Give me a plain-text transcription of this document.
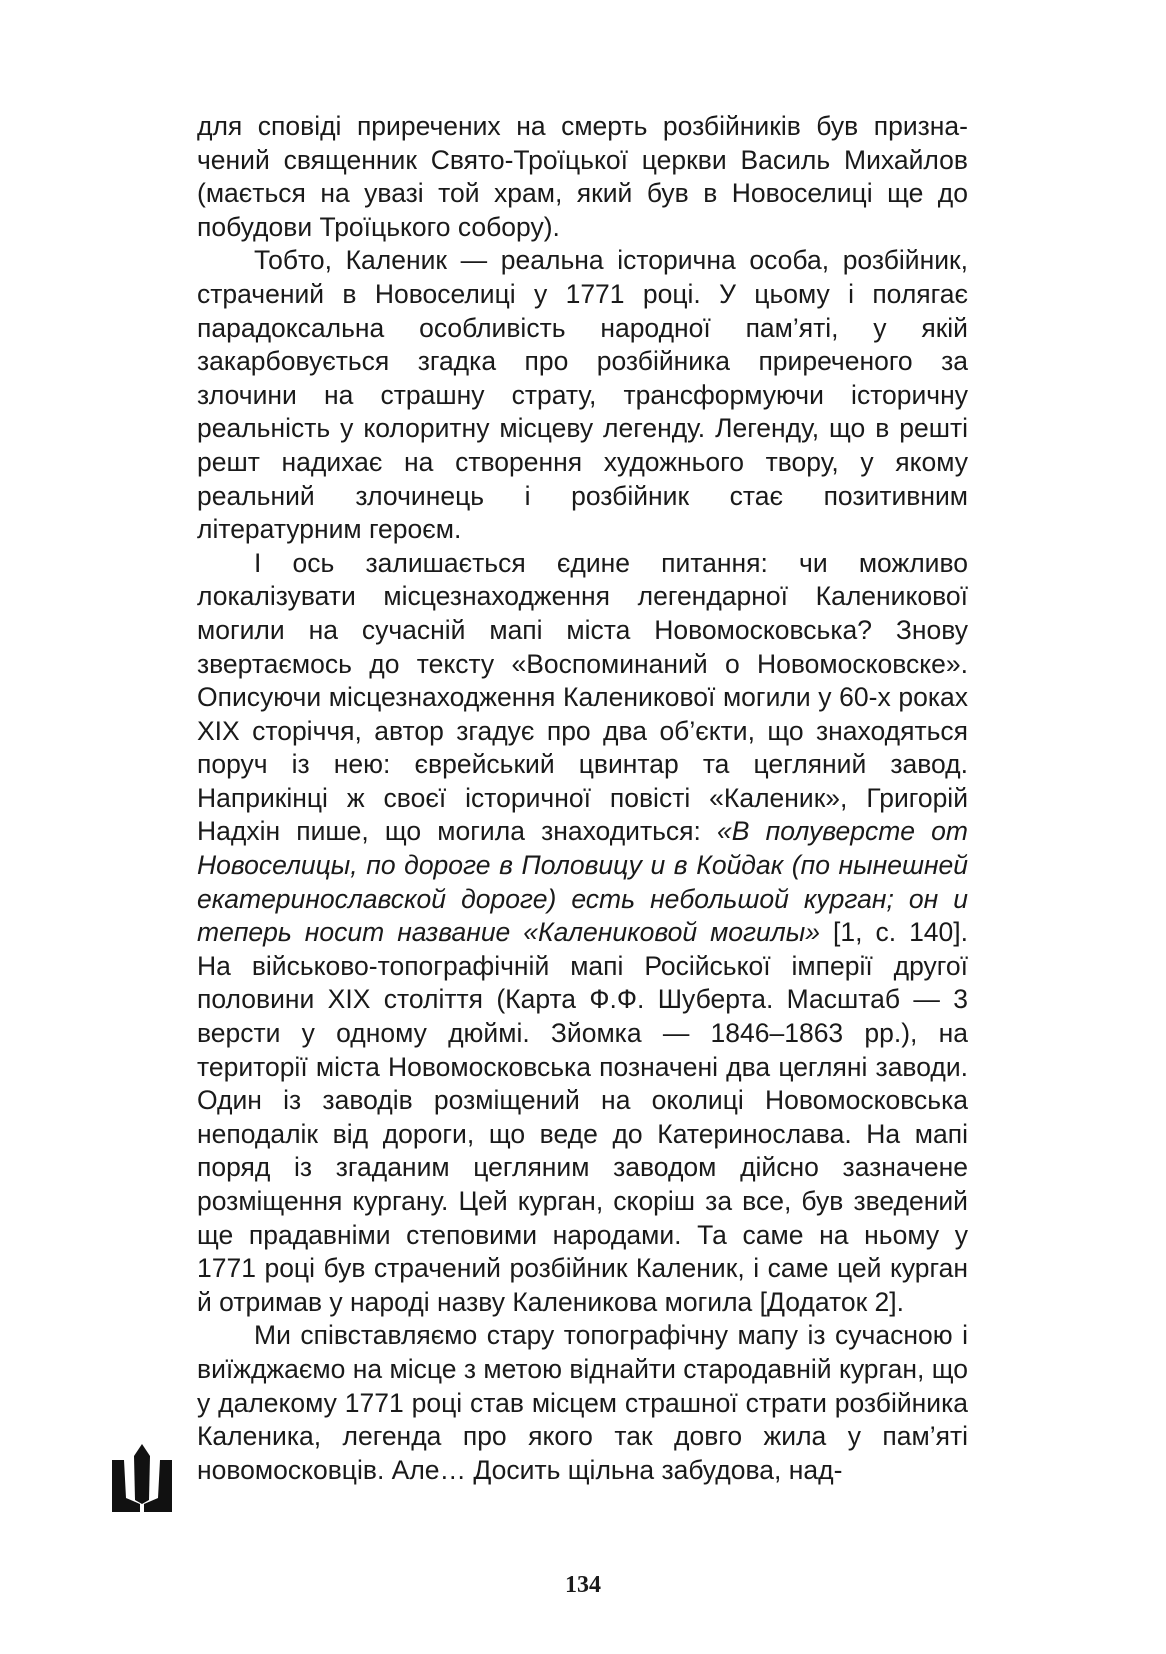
для сповіді приречених на смерть розбійників був призначений священник Свято-Троїцької церкви Василь Михайлов (мається на увазі той храм, який був в Новоселиці ще до побудови Троїцького собору).

Тобто, Каленик — реальна історична особа, розбійник, страчений в Новоселиці у 1771 році. У цьому і полягає парадоксальна особливість народної пам’яті, у якій закарбовується згадка про розбійника приреченого за злочини на страшну страту, трансформуючи історичну реальність у колоритну місцеву легенду. Легенду, що в решті решт надихає на створення художнього твору, у якому реальний злочинець і розбійник стає позитивним літературним героєм.

І ось залишається єдине питання: чи можливо локалізувати місцезнаходження легендарної Каленикової могили на сучасній мапі міста Новомосковська? Знову звертаємось до тексту «Воспоминаний о Новомосковске». Описуючи місцезнаходження Каленикової могили у 60-х роках XIX сторіччя, автор згадує про два об’єкти, що знаходяться поруч із нею: єврейський цвинтар та цегляний завод. Наприкінці ж своєї історичної повісті «Каленик», Григорій Надхін пише, що могила знаходиться: «В полуверсте от Новоселицы, по дороге в Половицу и в Койдак (по нынешней екатеринославской дороге) есть небольшой курган; он и теперь носит название «Калениковой могилы» [1, с. 140]. На військово-топографічній мапі Російської імперії другої половини XIX століття (Карта Ф.Ф. Шуберта. Масштаб — 3 версти у одному дюймі. Зйомка — 1846–1863 рр.), на території міста Новомосковська позначені два цегляні заводи. Один із заводів розміщений на околиці Новомосковська неподалік від дороги, що веде до Катеринослава. На мапі поряд із згаданим цегляним заводом дійсно зазначене розміщення кургану. Цей курган, скоріш за все, був зведений ще прадавніми степовими народами. Та саме на ньому у 1771 році був страчений розбійник Каленик, і саме цей курган й отримав у народі назву Каленикова могила [Додаток 2].

Ми співставляємо стару топографічну мапу із сучасною і виїжджаємо на місце з метою віднайти стародавній курган, що у далекому 1771 році став місцем страшної страти розбійника Каленика, легенда про якого так довго жила у пам’яті новомосковців. Але… Досить щільна забудова, над-

134
